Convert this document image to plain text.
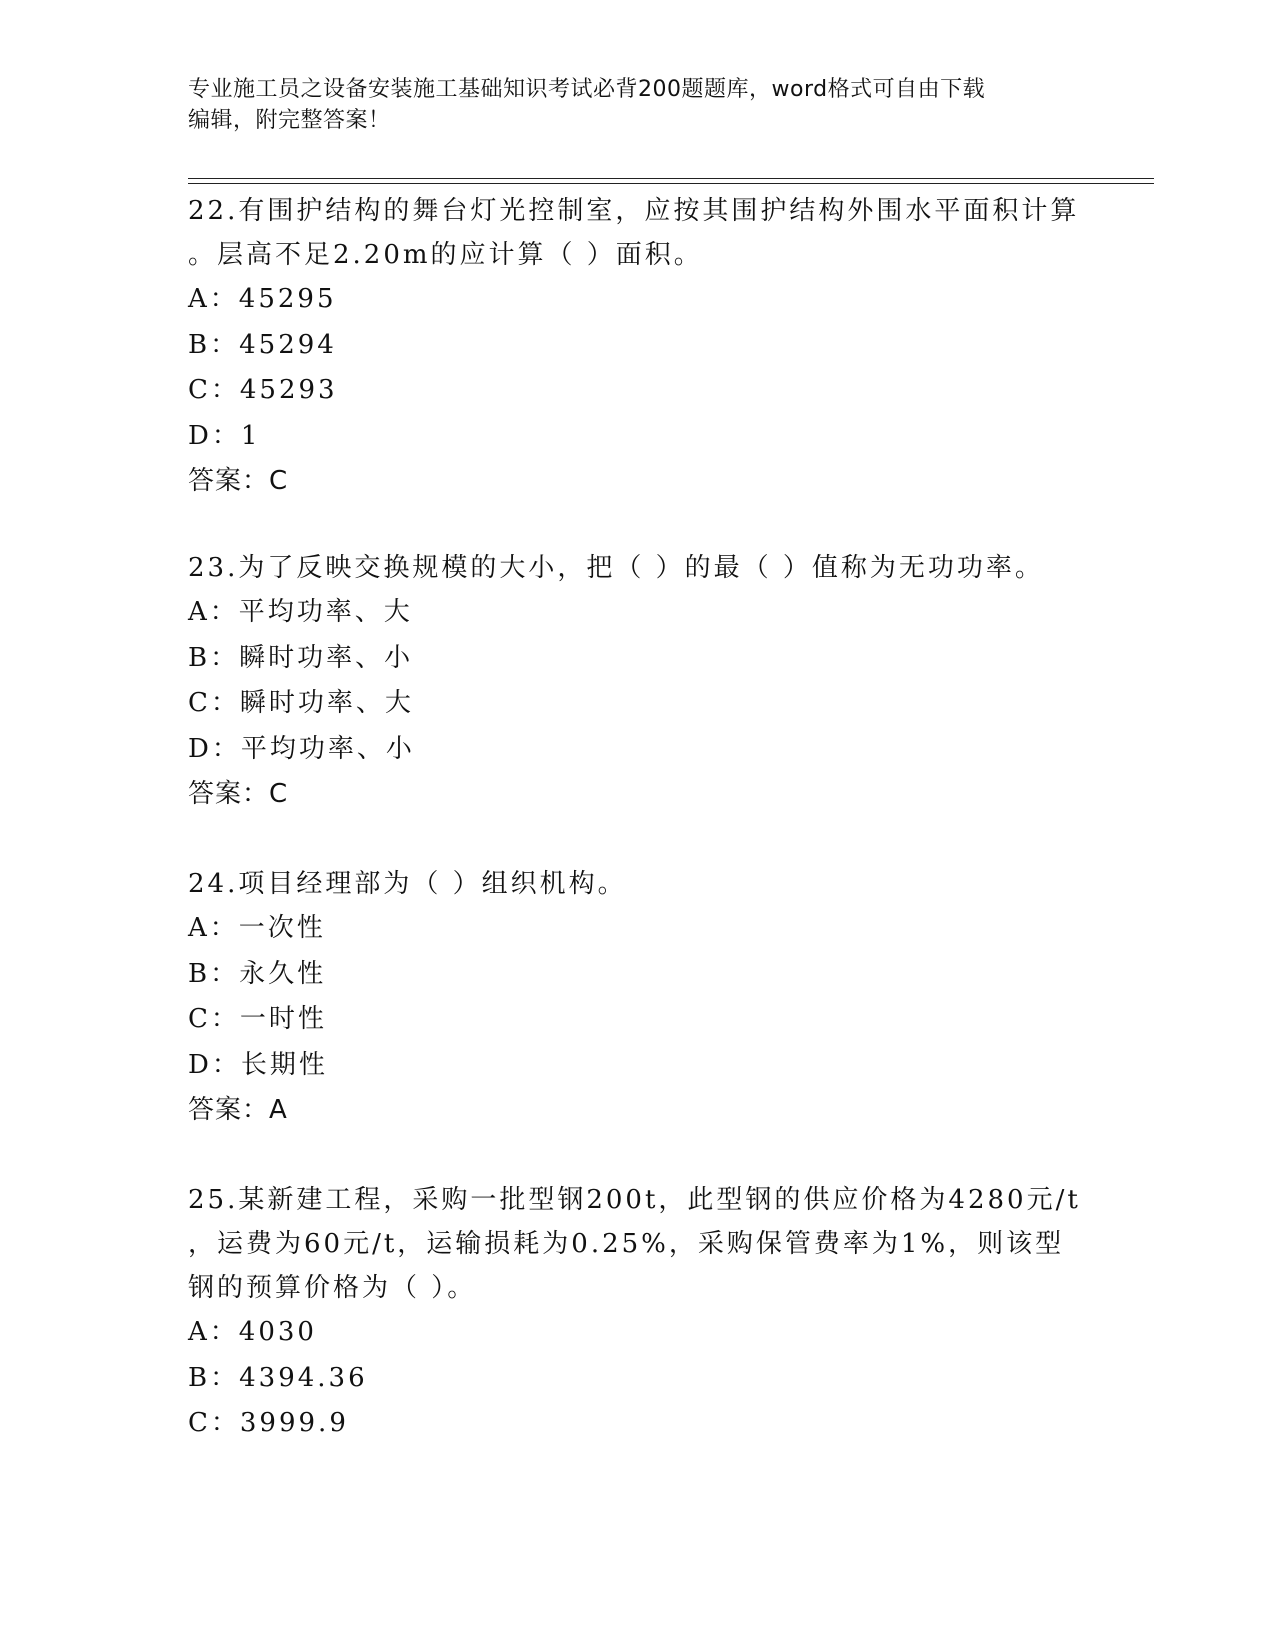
专业施工员之设备安装施工基础知识考试必背200题题库，word格式可自由下载
编辑，附完整答案！
22.有围护结构的舞台灯光控制室，应按其围护结构外围水平面积计算
。层高不足2.20m的应计算（ ）面积。
A：45295
B：45294
C：45293
D：1
答案：C
23.为了反映交换规模的大小，把（ ）的最（ ）值称为无功功率。
A：平均功率、大
B：瞬时功率、小
C：瞬时功率、大
D：平均功率、小
答案：C
24.项目经理部为（ ）组织机构。
A：一次性
B：永久性
C：一时性
D：长期性
答案：A
25.某新建工程，采购一批型钢200t，此型钢的供应价格为4280元/t
，运费为60元/t，运输损耗为0.25%，采购保管费率为1%，则该型
钢的预算价格为（ ）。
A：4030
B：4394.36
C：3999.9
